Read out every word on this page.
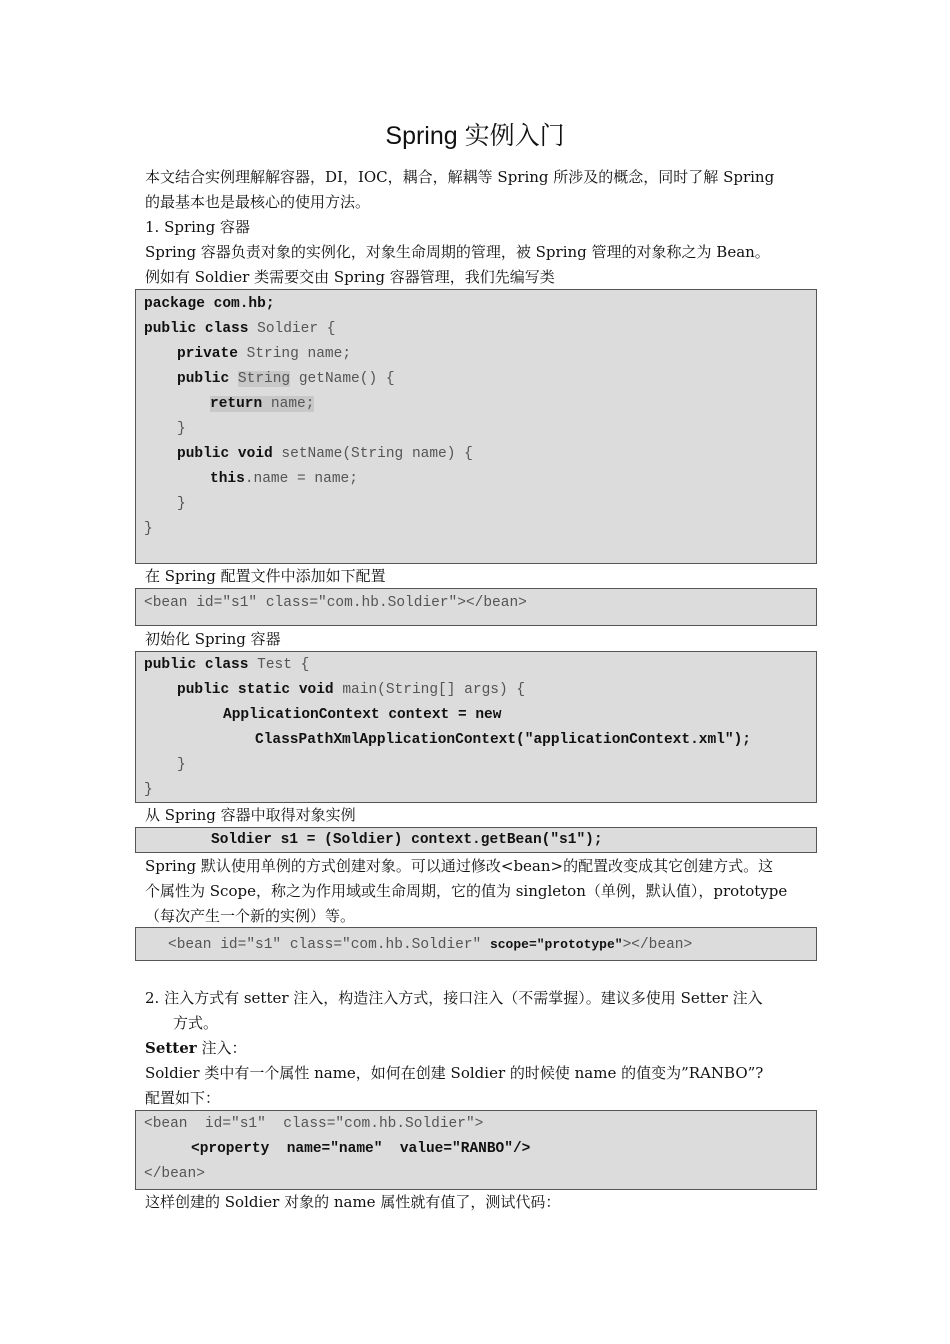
Spring 实例入门
本文结合实例理解解容器，DI，IOC，耦合，解耦等 Spring 所涉及的概念，同时了解 Spring
的最基本也是最核心的使用方法。
1. Spring 容器
Spring 容器负责对象的实例化，对象生命周期的管理，被 Spring 管理的对象称之为 Bean。
例如有 Soldier 类需要交由 Spring 容器管理，我们先编写类
package com.hb;
public class Soldier {
private String name;
public String getName() {
return name;
}
public void setName(String name) {
this.name = name;
}
}
在 Spring 配置文件中添加如下配置
<bean id="s1" class="com.hb.Soldier"></bean>
初始化 Spring 容器
public class Test {
public static void main(String[] args) {
ApplicationContext context = new
ClassPathXmlApplicationContext("applicationContext.xml");
}
}
从 Spring 容器中取得对象实例
Soldier s1 = (Soldier) context.getBean("s1");
Spring 默认使用单例的方式创建对象。可以通过修改<bean>的配置改变成其它创建方式。这
个属性为 Scope，称之为作用域或生命周期，它的值为 singleton（单例，默认值），prototype
（每次产生一个新的实例）等。
<bean id="s1" class="com.hb.Soldier" scope="prototype"></bean>
2. 注入方式有 setter 注入，构造注入方式，接口注入（不需掌握）。建议多使用 Setter 注入
方式。
Setter 注入：
Soldier 类中有一个属性 name，如何在创建 Soldier 的时候使 name 的值变为”RANBO”?
配置如下：
<bean  id="s1"  class="com.hb.Soldier">
<property  name="name"  value="RANBO"/>
</bean>
这样创建的 Soldier 对象的 name 属性就有值了，测试代码：
